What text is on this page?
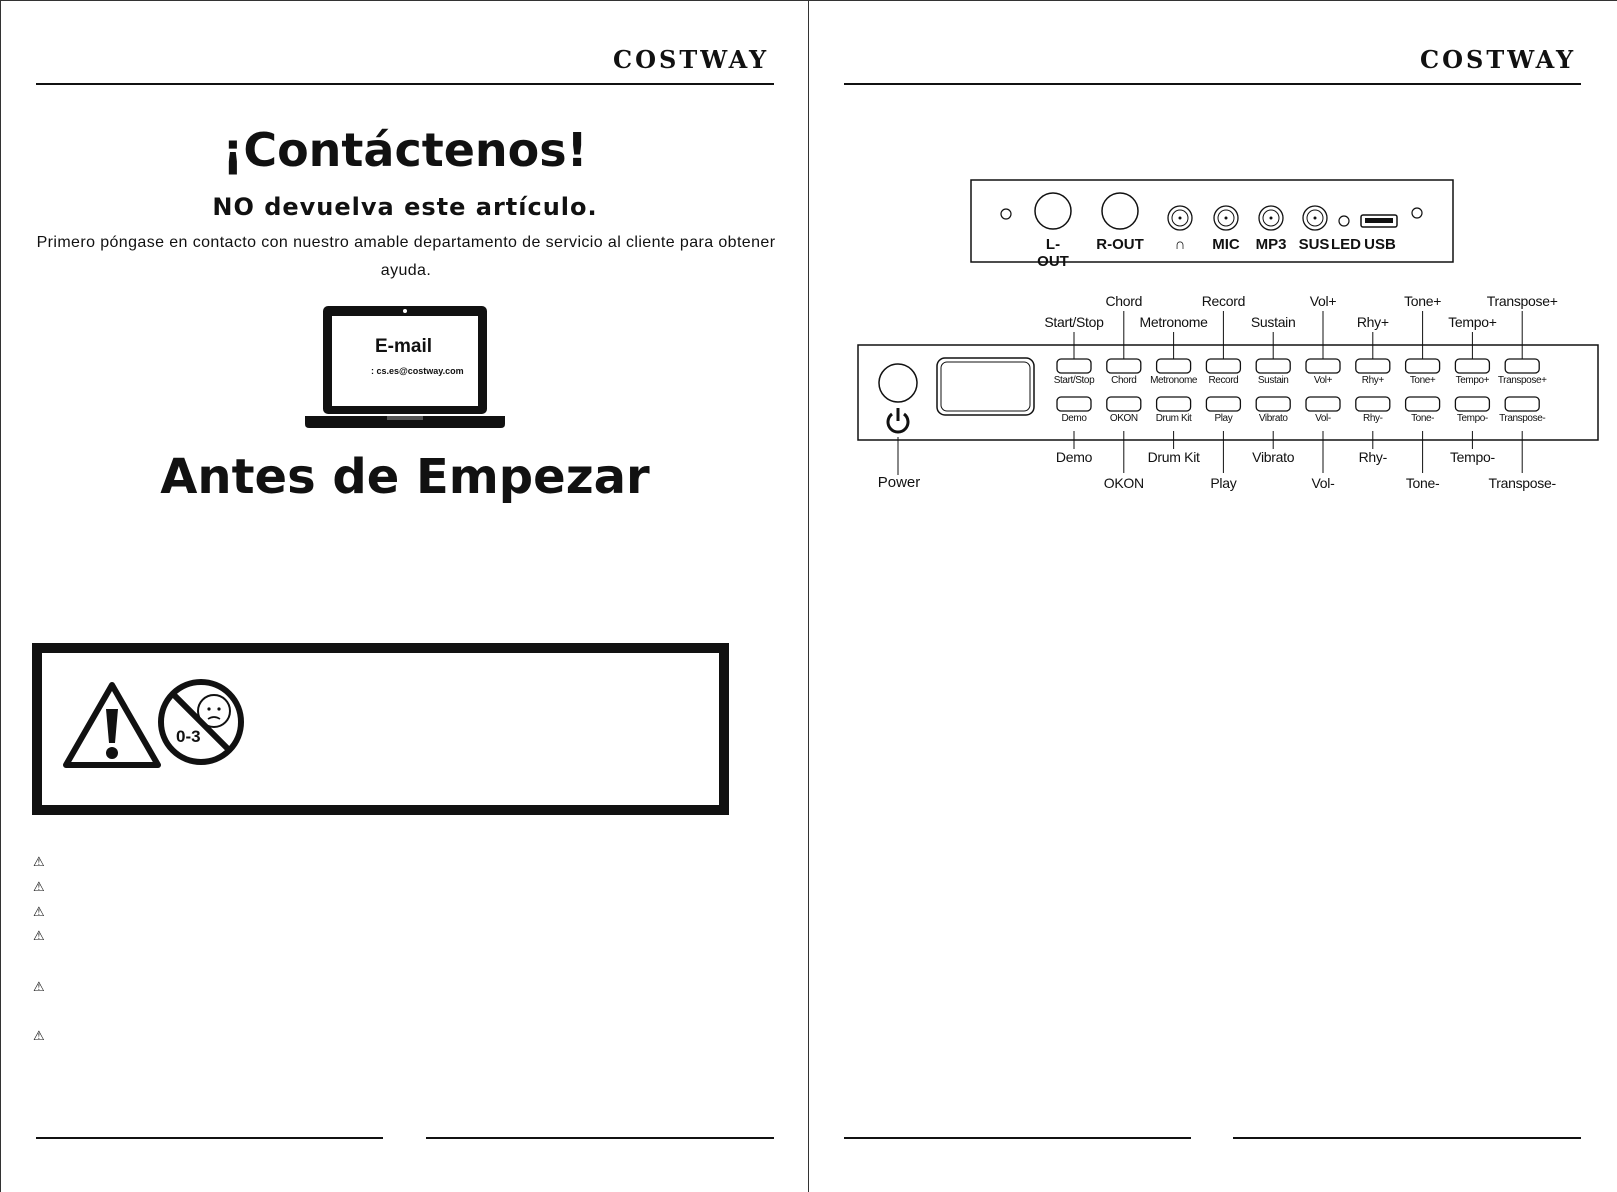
COSTWAY
¡Contáctenos!
NO devuelva este artículo.
Primero póngase en contacto con nuestro amable departamento de servicio al cliente para obtener ayuda.
E-mail
: cs.es@costway.com
Antes de Empezar
0-3
⚠
⚠
⚠
⚠
⚠
⚠
COSTWAY
L-OUT
R-OUT	∩	MIC MP3 SUS LED USB
Power
Start/Stop	Chord	Metronome	Record	Sustain	Vol+	Rhy+	Tone+	Tempo+ Transpose+
Demo	OKON	Drum Kit	Play	Vibrato	Vol-	Rhy-	Tone-	Tempo-	Transpose-
Chord	Record	Vol+	Tone+	Transpose+
Start/Stop	Metronome	Sustain	Rhy+	Tempo+
Demo	Drum Kit	Vibrato	Rhy-	Tempo-
OKON	Play	Vol-	Tone-	Transpose-
